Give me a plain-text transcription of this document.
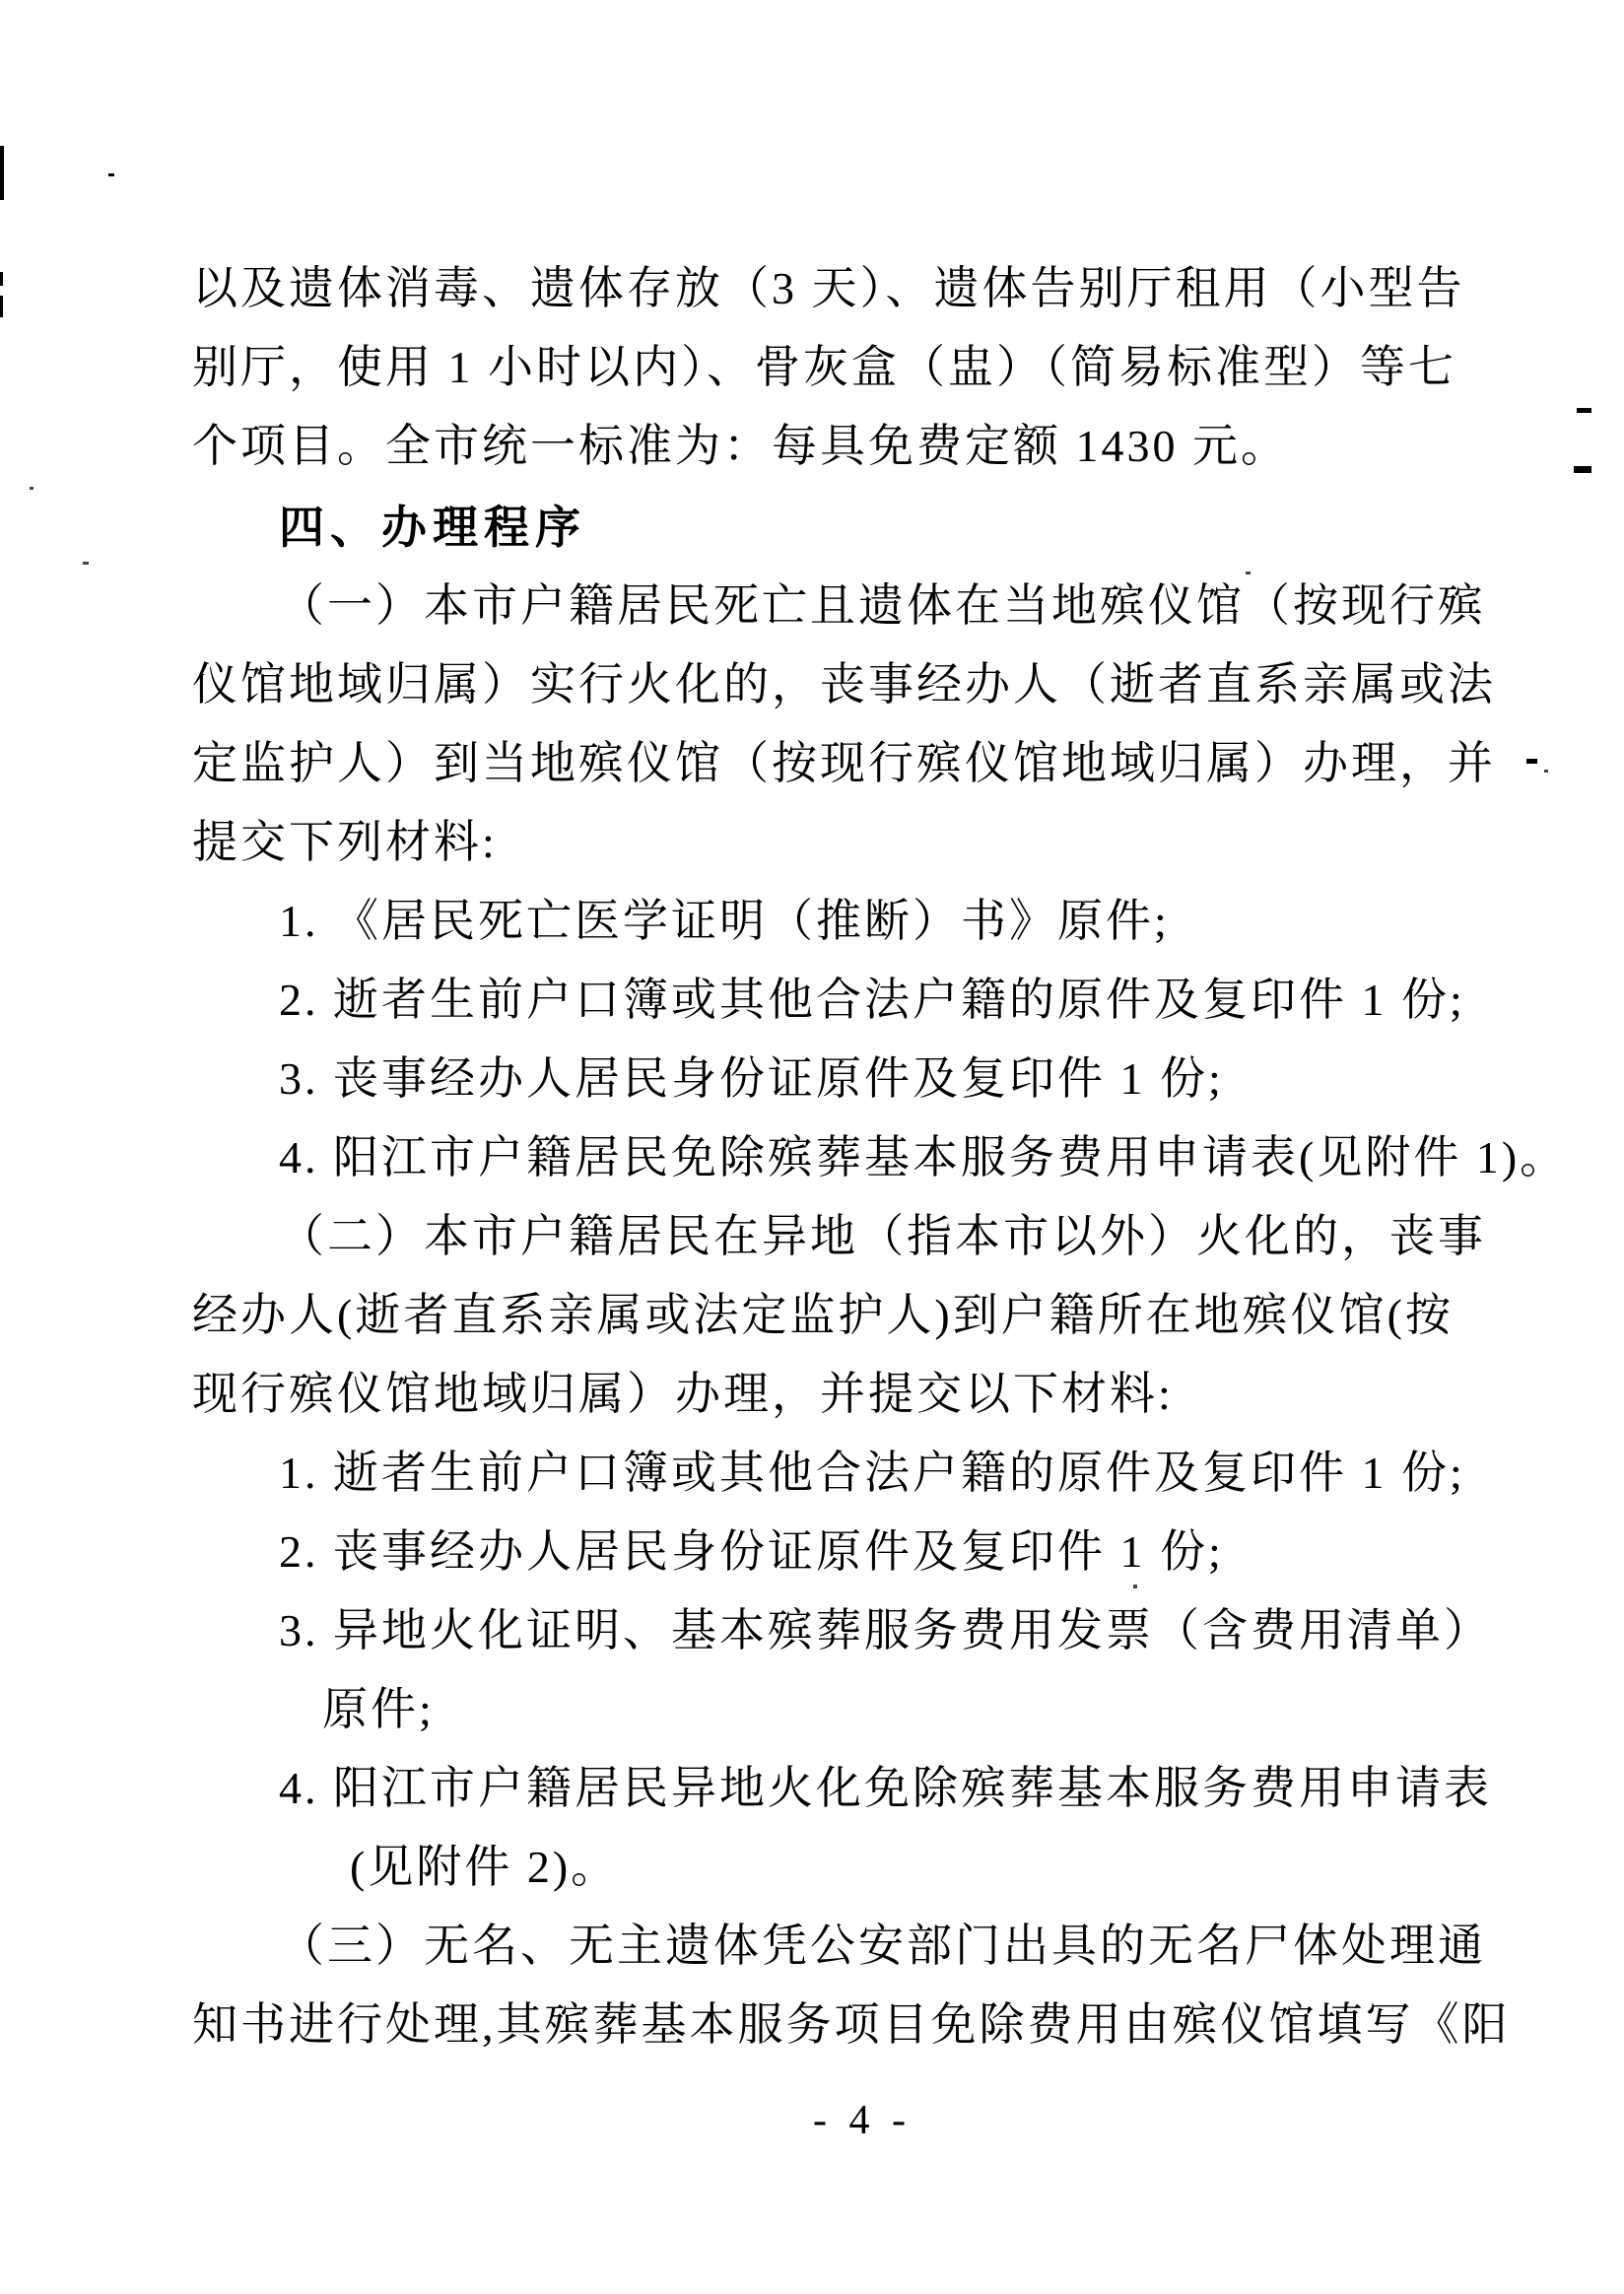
以及遗体消毒、遗体存放（3 天）、遗体告别厅租用（小型告
别厅，使用 1 小时以内）、骨灰盒（盅）（简易标准型）等七
个项目。全市统一标准为：每具免费定额 1430 元。
四、办理程序
（一）本市户籍居民死亡且遗体在当地殡仪馆（按现行殡
仪馆地域归属）实行火化的，丧事经办人（逝者直系亲属或法
定监护人）到当地殡仪馆（按现行殡仪馆地域归属）办理，并
提交下列材料:
1. 《居民死亡医学证明（推断）书》原件;
2. 逝者生前户口簿或其他合法户籍的原件及复印件 1 份;
3. 丧事经办人居民身份证原件及复印件 1 份;
4. 阳江市户籍居民免除殡葬基本服务费用申请表(见附件 1)。
（二）本市户籍居民在异地（指本市以外）火化的，丧事
经办人(逝者直系亲属或法定监护人)到户籍所在地殡仪馆(按
现行殡仪馆地域归属）办理，并提交以下材料:
1. 逝者生前户口簿或其他合法户籍的原件及复印件 1 份;
2. 丧事经办人居民身份证原件及复印件 1 份;
3. 异地火化证明、基本殡葬服务费用发票（含费用清单）
原件;
4. 阳江市户籍居民异地火化免除殡葬基本服务费用申请表
(见附件 2)。
（三）无名、无主遗体凭公安部门出具的无名尸体处理通
知书进行处理,其殡葬基本服务项目免除费用由殡仪馆填写《阳
- 4 -
